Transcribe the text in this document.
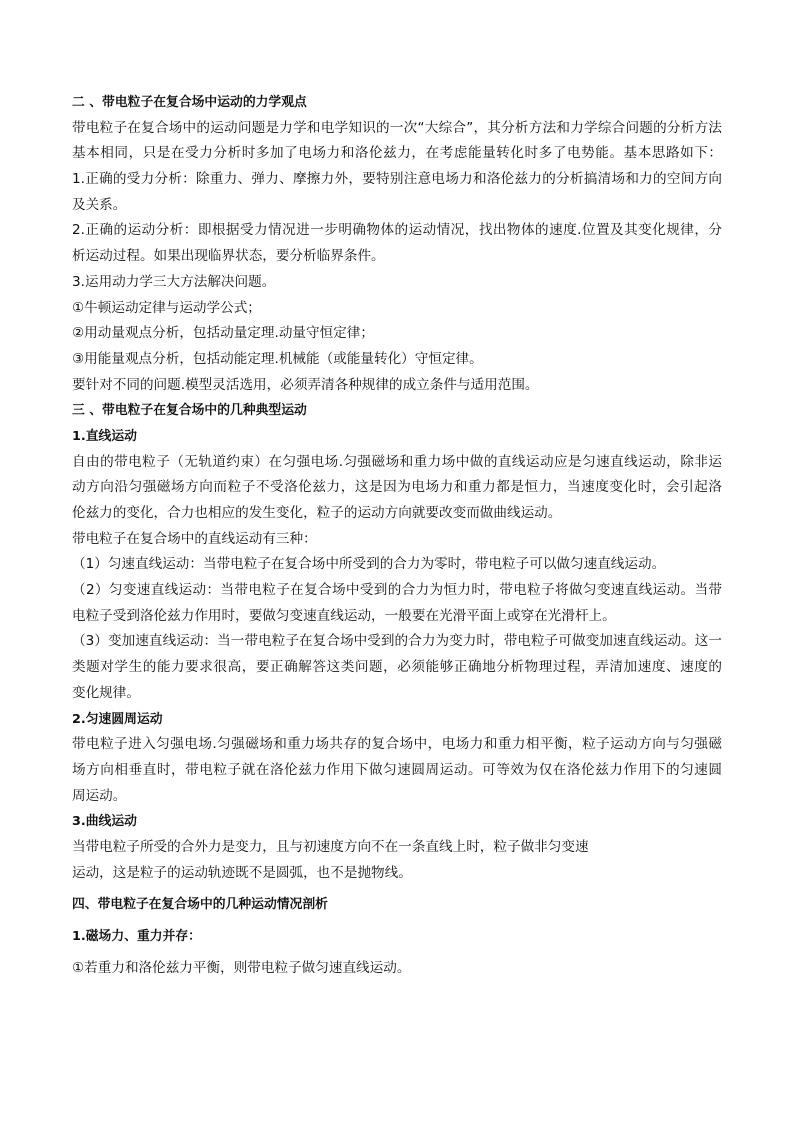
二 、带电粒子在复合场中运动的力学观点
带电粒子在复合场中的运动问题是力学和电学知识的一次“大综合”，其分析方法和力学综合问题的分析方法
基本相同，只是在受力分析时多加了电场力和洛伦兹力，在考虑能量转化时多了电势能。基本思路如下：
1.正确的受力分析：除重力、弹力、摩擦力外，要特别注意电场力和洛伦兹力的分析搞清场和力的空间方向
及关系。
2.正确的运动分析：即根据受力情况进一步明确物体的运动情况，找出物体的速度.位置及其变化规律，分
析运动过程。如果出现临界状态，要分析临界条件。
3.运用动力学三大方法解决问题。
①牛顿运动定律与运动学公式；
②用动量观点分析，包括动量定理.动量守恒定律；
③用能量观点分析，包括动能定理.机械能（或能量转化）守恒定律。
要针对不同的问题.模型灵活选用，必须弄清各种规律的成立条件与适用范围。
三 、带电粒子在复合场中的几种典型运动
1.直线运动
自由的带电粒子（无轨道约束）在匀强电场.匀强磁场和重力场中做的直线运动应是匀速直线运动，除非运
动方向沿匀强磁场方向而粒子不受洛伦兹力，这是因为电场力和重力都是恒力，当速度变化时，会引起洛
伦兹力的变化，合力也相应的发生变化，粒子的运动方向就要改变而做曲线运动。
带电粒子在复合场中的直线运动有三种：
（1）匀速直线运动：当带电粒子在复合场中所受到的合力为零时，带电粒子可以做匀速直线运动。
（2）匀变速直线运动：当带电粒子在复合场中受到的合力为恒力时，带电粒子将做匀变速直线运动。当带
电粒子受到洛伦兹力作用时，要做匀变速直线运动，一般要在光滑平面上或穿在光滑杆上。
（3）变加速直线运动：当一带电粒子在复合场中受到的合力为变力时，带电粒子可做变加速直线运动。这一
类题对学生的能力要求很高，要正确解答这类问题，必须能够正确地分析物理过程，弄清加速度、速度的
变化规律。
2.匀速圆周运动
带电粒子进入匀强电场.匀强磁场和重力场共存的复合场中，电场力和重力相平衡，粒子运动方向与匀强磁
场方向相垂直时，带电粒子就在洛伦兹力作用下做匀速圆周运动。可等效为仅在洛伦兹力作用下的匀速圆
周运动。
3.曲线运动
当带电粒子所受的合外力是变力，且与初速度方向不在一条直线上时，粒子做非匀变速
运动，这是粒子的运动轨迹既不是圆弧，也不是抛物线。
四、带电粒子在复合场中的几种运动情况剖析
1.磁场力、重力并存：
①若重力和洛伦兹力平衡，则带电粒子做匀速直线运动。
